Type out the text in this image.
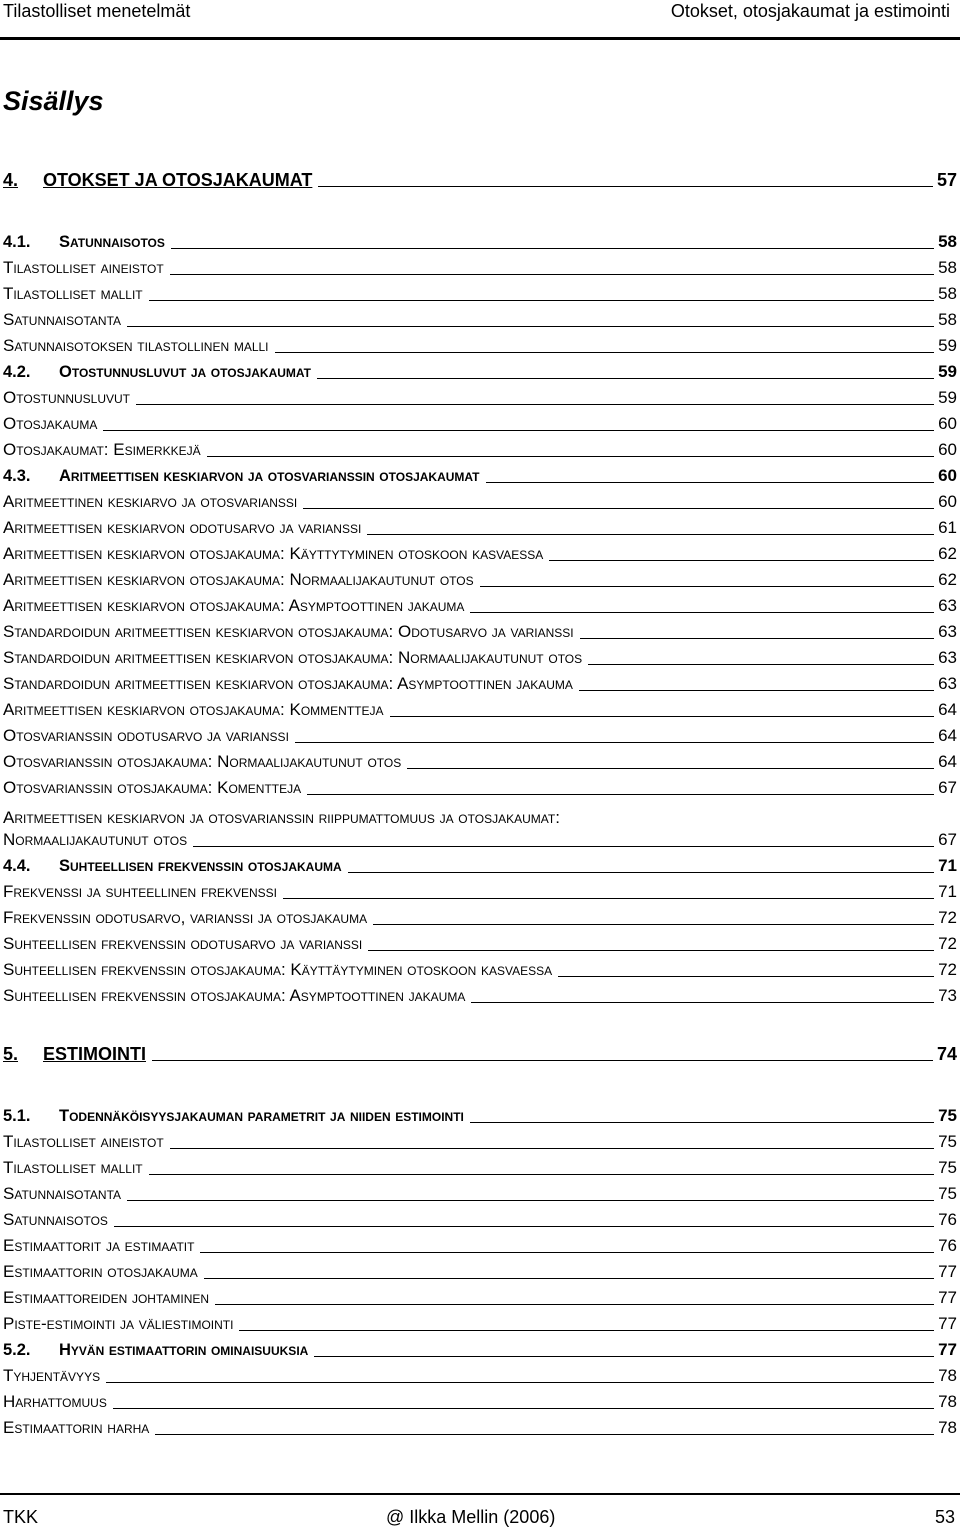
Tilastolliset menetelmät	Otokset, otosjakaumat ja estimointi
Sisällys
4.	OTOKSET JA OTOSJAKAUMAT	57
4.1.	Satunnaisotos	58
Tilastolliset aineistot	58
Tilastolliset mallit	58
Satunnaisotanta	58
Satunnaisotoksen tilastollinen malli	59
4.2.	Otostunnusluvut ja otosjakaumat	59
Otostunnusluvut	59
Otosjakauma	60
Otosjakaumat: Esimerkkejä	60
4.3.	Aritmeettisen keskiarvon ja otosvarianssin otosjakaumat	60
Aritmeettinen keskiarvo ja otosvarianssi	60
Aritmeettisen keskiarvon odotusarvo ja varianssi	61
Aritmeettisen keskiarvon otosjakauma: Käyttytyminen otoskoon kasvaessa	62
Aritmeettisen keskiarvon otosjakauma: Normaalijakautunut otos	62
Aritmeettisen keskiarvon otosjakauma: Asymptoottinen jakauma	63
Standardoidun aritmeettisen keskiarvon otosjakauma: Odotusarvo ja varianssi	63
Standardoidun aritmeettisen keskiarvon otosjakauma: Normaalijakautunut otos	63
Standardoidun aritmeettisen keskiarvon otosjakauma: Asymptoottinen jakauma	63
Aritmeettisen keskiarvon otosjakauma: Kommentteja	64
Otosvarianssin odotusarvo ja varianssi	64
Otosvarianssin otosjakauma: Normaalijakautunut otos	64
Otosvarianssin otosjakauma: Komentteja	67
Aritmeettisen keskiarvon ja otosvarianssin riippumattomuus ja otosjakaumat:
Normaalijakautunut otos	67
4.4.	Suhteellisen frekvenssin otosjakauma	71
Frekvenssi ja suhteellinen frekvenssi	71
Frekvenssin odotusarvo, varianssi ja otosjakauma	72
Suhteellisen frekvenssin odotusarvo ja varianssi	72
Suhteellisen frekvenssin otosjakauma: Käyttäytyminen otoskoon kasvaessa	72
Suhteellisen frekvenssin otosjakauma: Asymptoottinen jakauma	73
5.	ESTIMOINTI	74
5.1.	Todennäköisyysjakauman parametrit ja niiden estimointi	75
Tilastolliset aineistot	75
Tilastolliset mallit	75
Satunnaisotanta	75
Satunnaisotos	76
Estimaattorit ja estimaatit	76
Estimaattorin otosjakauma	77
Estimaattoreiden johtaminen	77
Piste-estimointi ja väliestimointi	77
5.2.	Hyvän estimaattorin ominaisuuksia	77
Tyhjentävyys	78
Harhattomuus	78
Estimaattorin harha	78
TKK	@ Ilkka Mellin (2006)	53
